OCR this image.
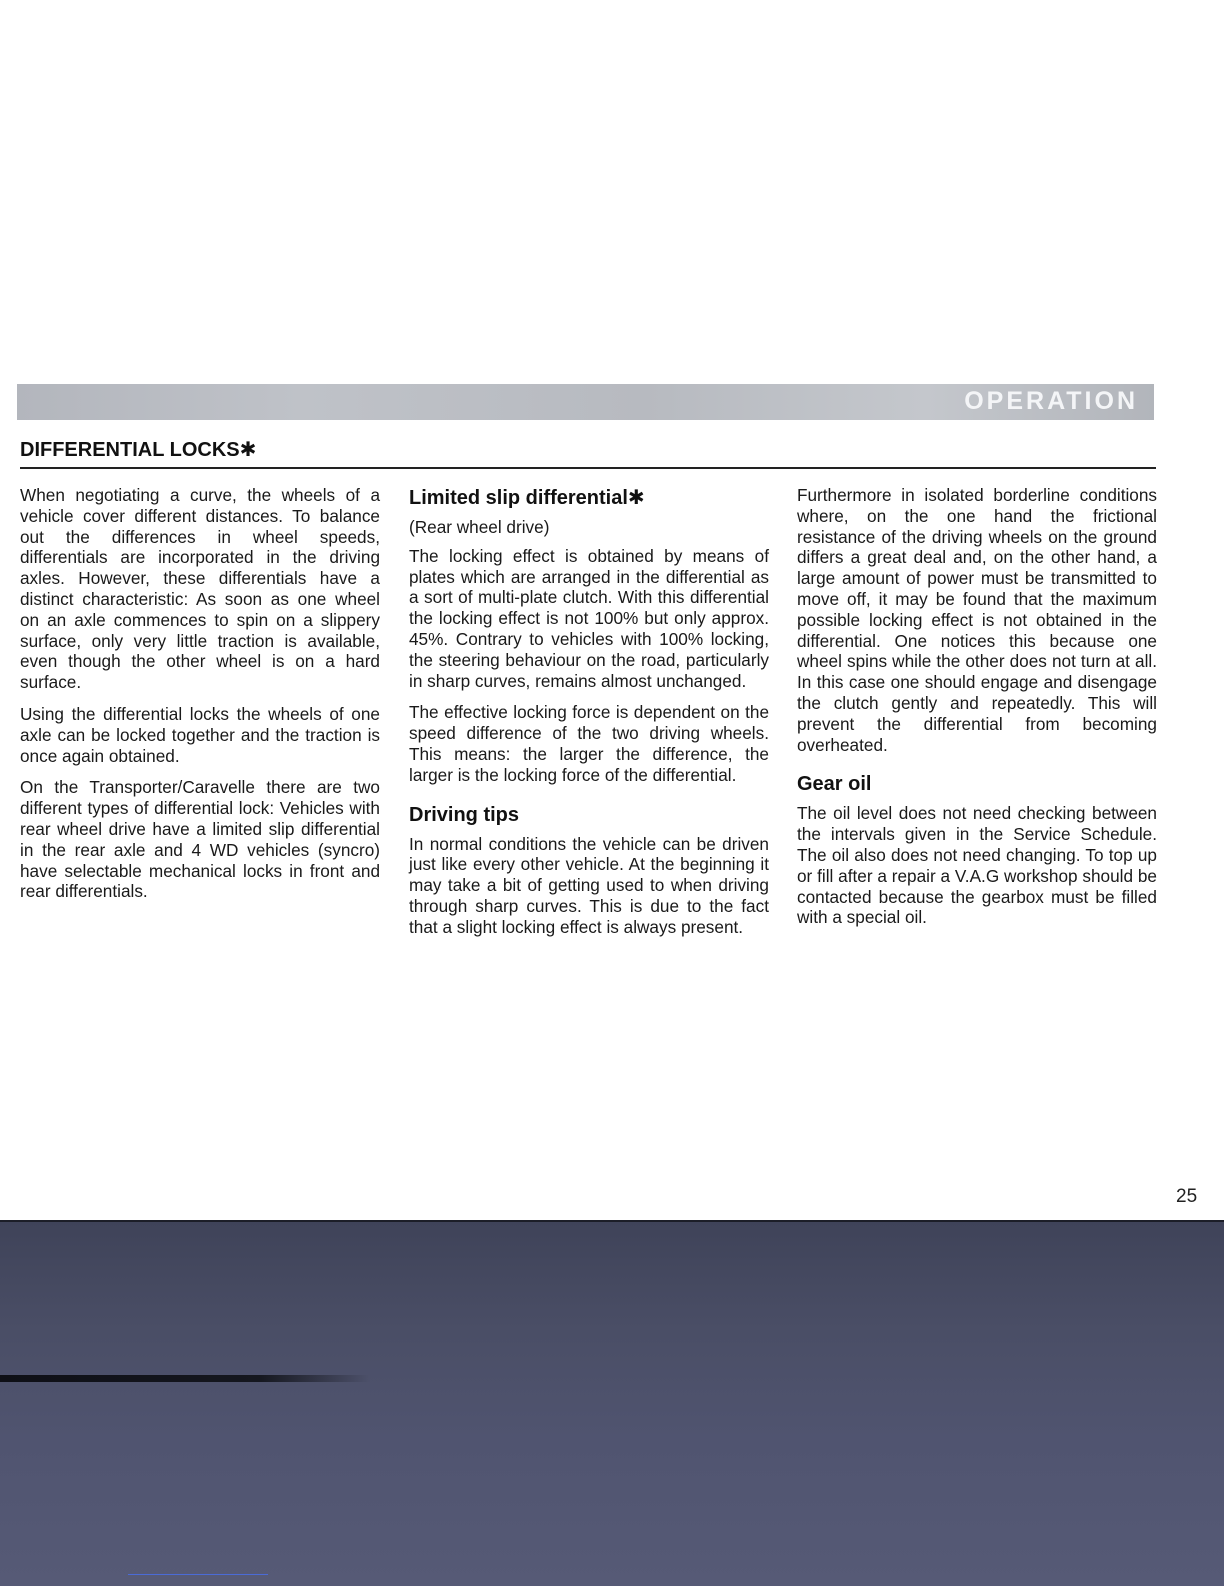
OPERATION
DIFFERENTIAL LOCKS✱

When negotiating a curve, the wheels of a vehicle cover different distances. To balance out the differences in wheel speeds, differentials are incorporated in the driving axles. However, these differentials have a distinct characteristic: As soon as one wheel on an axle commences to spin on a slippery surface, only very little traction is available, even though the other wheel is on a hard surface.

Using the differential locks the wheels of one axle can be locked together and the traction is once again obtained.

On the Transporter/Caravelle there are two different types of differential lock: Vehicles with rear wheel drive have a limited slip differential in the rear axle and 4 WD vehicles (syncro) have selectable mechanical locks in front and rear differentials.

Limited slip differential✱

(Rear wheel drive)

The locking effect is obtained by means of plates which are arranged in the differential as a sort of multi-plate clutch. With this differential the locking effect is not 100% but only approx. 45%. Contrary to vehicles with 100% locking, the steering behaviour on the road, particularly in sharp curves, remains almost unchanged.

The effective locking force is dependent on the speed difference of the two driving wheels. This means: the larger the difference, the larger is the locking force of the differential.

Driving tips

In normal conditions the vehicle can be driven just like every other vehicle. At the beginning it may take a bit of getting used to when driving through sharp curves. This is due to the fact that a slight locking effect is always present.

Furthermore in isolated borderline conditions where, on the one hand the frictional resistance of the driving wheels on the ground differs a great deal and, on the other hand, a large amount of power must be transmitted to move off, it may be found that the maximum possible locking effect is not obtained in the differential. One notices this because one wheel spins while the other does not turn at all. In this case one should engage and disengage the clutch gently and repeatedly. This will prevent the differential from becoming overheated.

Gear oil

The oil level does not need checking between the intervals given in the Service Schedule. The oil also does not need changing. To top up or fill after a repair a V.A.G workshop should be contacted because the gearbox must be filled with a special oil.

25
